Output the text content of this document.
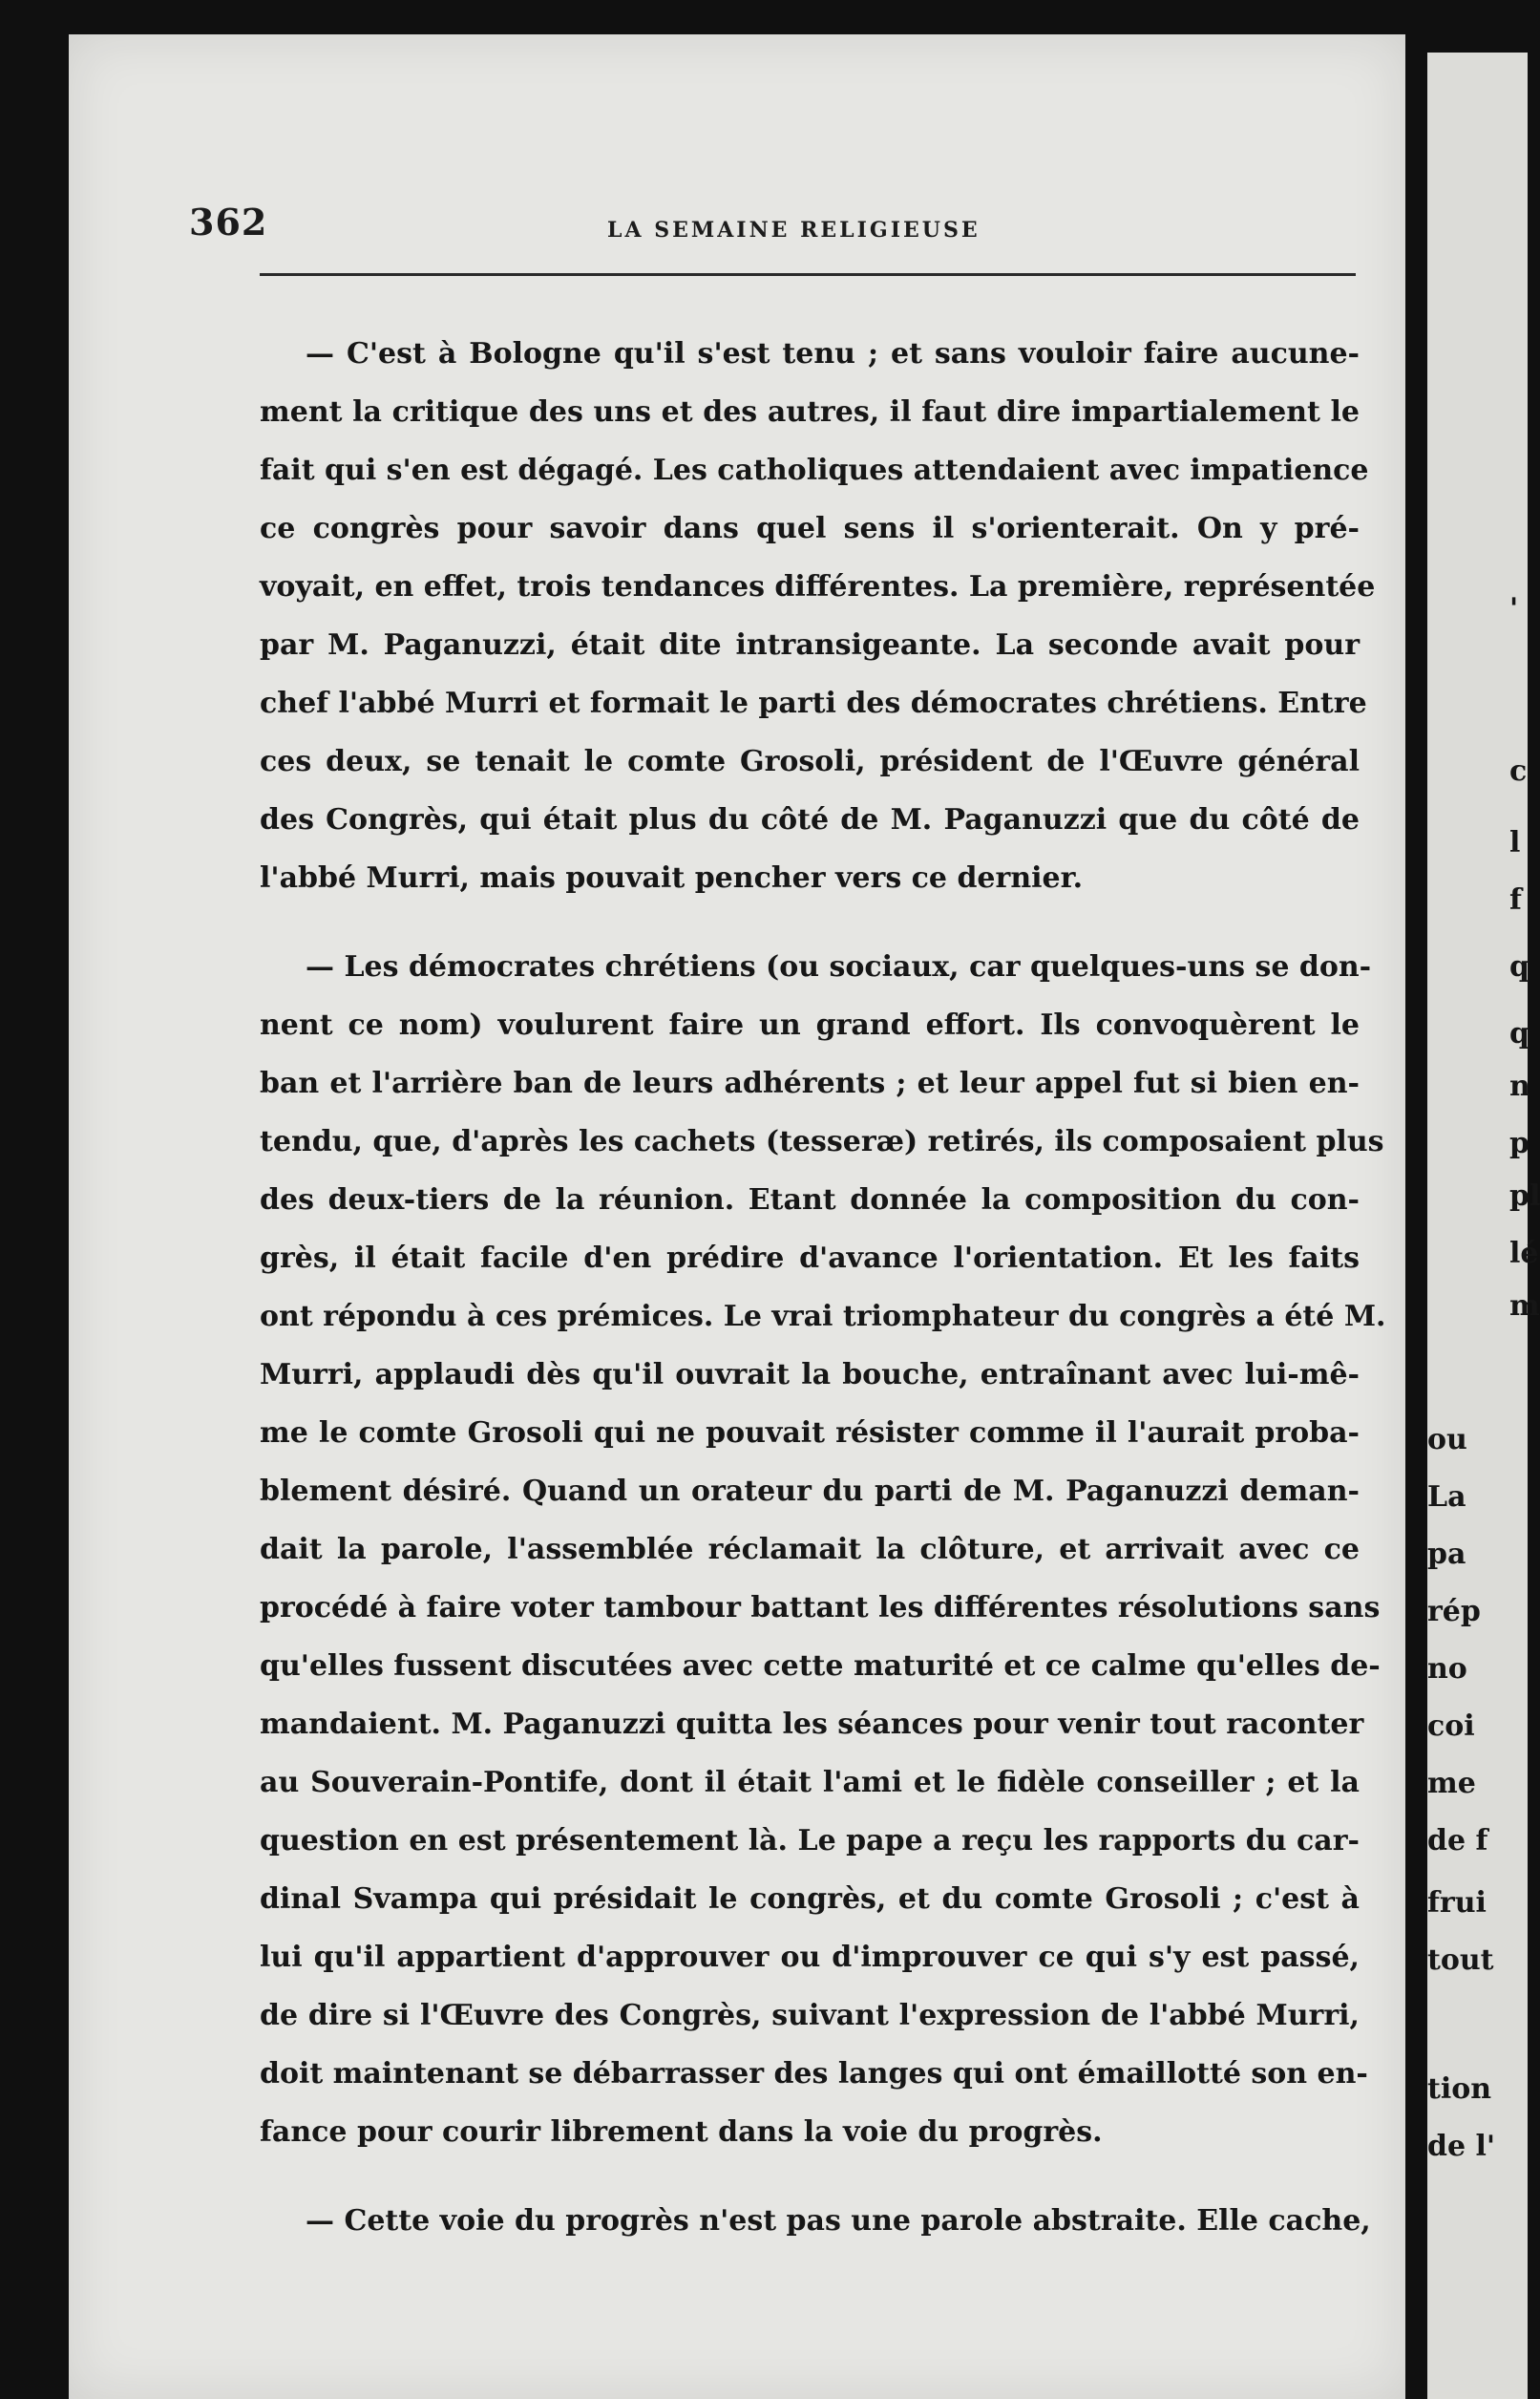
362	LA SEMAINE RELIGIEUSE
— C'est à Bologne qu'il s'est tenu ; et sans vouloir faire aucune-
ment la critique des uns et des autres, il faut dire impartialement le
fait qui s'en est dégagé. Les catholiques attendaient avec impatience
ce congrès pour savoir dans quel sens il s'orienterait. On y pré-
voyait, en effet, trois tendances différentes. La première, représentée
par M. Paganuzzi, était dite intransigeante. La seconde avait pour
chef l'abbé Murri et formait le parti des démocrates chrétiens. Entre
ces deux, se tenait le comte Grosoli, président de l'Œuvre général
des Congrès, qui était plus du côté de M. Paganuzzi que du côté de
l'abbé Murri, mais pouvait pencher vers ce dernier.
— Les démocrates chrétiens (ou sociaux, car quelques-uns se don-
nent ce nom) voulurent faire un grand effort. Ils convoquèrent le
ban et l'arrière ban de leurs adhérents ; et leur appel fut si bien en-
tendu, que, d'après les cachets (tesseræ) retirés, ils composaient plus
des deux-tiers de la réunion. Etant donnée la composition du con-
grès, il était facile d'en prédire d'avance l'orientation. Et les faits
ont répondu à ces prémices. Le vrai triomphateur du congrès a été M.
Murri, applaudi dès qu'il ouvrait la bouche, entraînant avec lui-mê-
me le comte Grosoli qui ne pouvait résister comme il l'aurait proba-
blement désiré. Quand un orateur du parti de M. Paganuzzi deman-
dait la parole, l'assemblée réclamait la clôture, et arrivait avec ce
procédé à faire voter tambour battant les différentes résolutions sans
qu'elles fussent discutées avec cette maturité et ce calme qu'elles de-
mandaient. M. Paganuzzi quitta les séances pour venir tout raconter
au Souverain-Pontife, dont il était l'ami et le fidèle conseiller ; et la
question en est présentement là. Le pape a reçu les rapports du car-
dinal Svampa qui présidait le congrès, et du comte Grosoli ; c'est à
lui qu'il appartient d'approuver ou d'improuver ce qui s'y est passé,
de dire si l'Œuvre des Congrès, suivant l'expression de l'abbé Murri,
doit maintenant se débarrasser des langes qui ont émaillotté son en-
fance pour courir librement dans la voie du progrès.
— Cette voie du progrès n'est pas une parole abstraite. Elle cache,
'
c
l
f
q
q
n
p
pl
lé
m
ou
La
pa
rép
no
coi
me
de f
frui
tout
tion
de l'
